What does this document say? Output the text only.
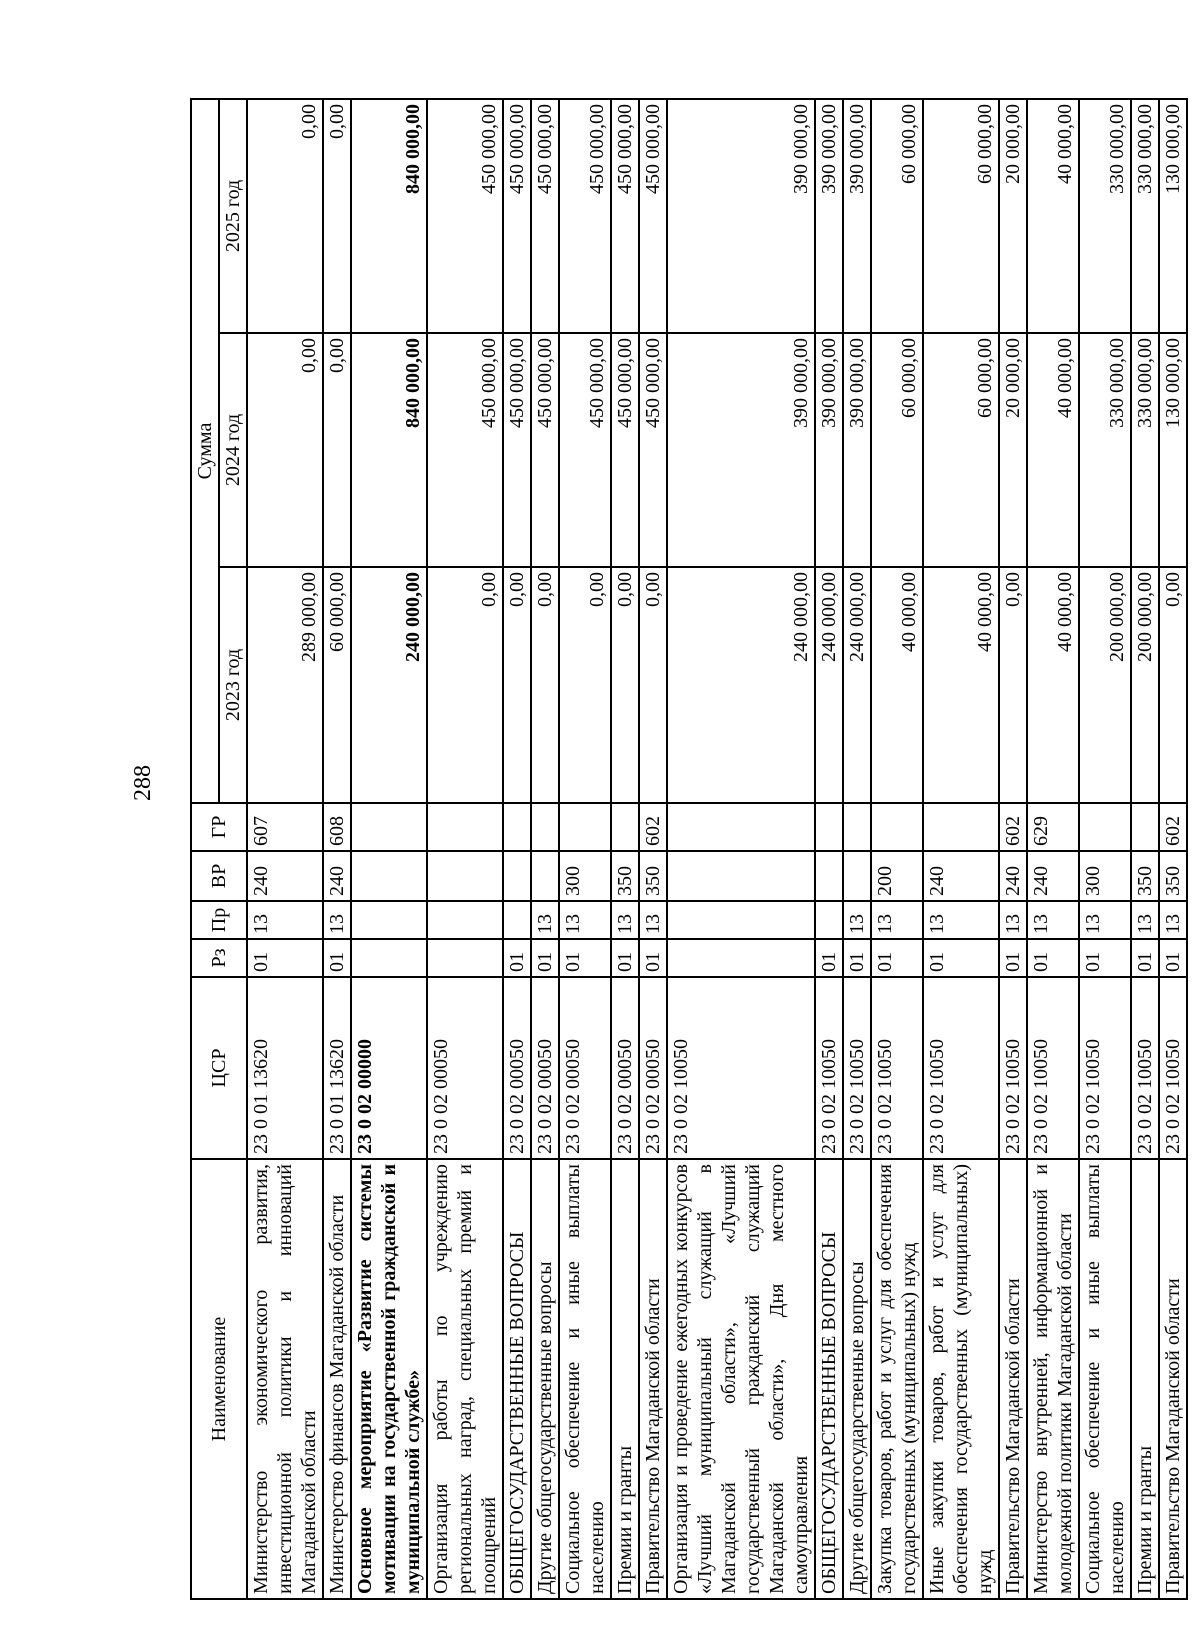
288
Наименование	ЦСР	Рз	Пр	ВР	ГР	Сумма		
						2023 год	2024 год	2025 год
Министерство экономического развития, инвестиционной политики и инноваций Магаданской области	23 0 01 13620	01	13	240	607	289 000,00	0,00	0,00
Министерство финансов Магаданской области	23 0 01 13620	01	13	240	608	60 000,00	0,00	0,00
Основное мероприятие «Развитие системы мотивации на государственной гражданской и муниципальной службе»	23 0 02 00000					240 000,00	840 000,00	840 000,00
Организация работы по учреждению региональных наград, специальных премий и поощрений	23 0 02 00050					0,00	450 000,00	450 000,00
ОБЩЕГОСУДАРСТВЕННЫЕ ВОПРОСЫ	23 0 02 00050	01				0,00	450 000,00	450 000,00
Другие общегосударственные вопросы	23 0 02 00050	01	13			0,00	450 000,00	450 000,00
Социальное обеспечение и иные выплаты населению	23 0 02 00050	01	13	300		0,00	450 000,00	450 000,00
Премии и гранты	23 0 02 00050	01	13	350		0,00	450 000,00	450 000,00
Правительство Магаданской области	23 0 02 00050	01	13	350	602	0,00	450 000,00	450 000,00
Организация и проведение ежегодных конкурсов «Лучший муниципальный служащий в Магаданской области», «Лучший государственный гражданский служащий Магаданской области», Дня местного самоуправления	23 0 02 10050					240 000,00	390 000,00	390 000,00
ОБЩЕГОСУДАРСТВЕННЫЕ ВОПРОСЫ	23 0 02 10050	01				240 000,00	390 000,00	390 000,00
Другие общегосударственные вопросы	23 0 02 10050	01	13			240 000,00	390 000,00	390 000,00
Закупка товаров, работ и услуг для обеспечения государственных (муниципальных) нужд	23 0 02 10050	01	13	200		40 000,00	60 000,00	60 000,00
Иные закупки товаров, работ и услуг для обеспечения государственных (муниципальных) нужд	23 0 02 10050	01	13	240		40 000,00	60 000,00	60 000,00
Правительство Магаданской области	23 0 02 10050	01	13	240	602	0,00	20 000,00	20 000,00
Министерство внутренней, информационной и молодежной политики Магаданской области	23 0 02 10050	01	13	240	629	40 000,00	40 000,00	40 000,00
Социальное обеспечение и иные выплаты населению	23 0 02 10050	01	13	300		200 000,00	330 000,00	330 000,00
Премии и гранты	23 0 02 10050	01	13	350		200 000,00	330 000,00	330 000,00
Правительство Магаданской области	23 0 02 10050	01	13	350	602	0,00	130 000,00	130 000,00
